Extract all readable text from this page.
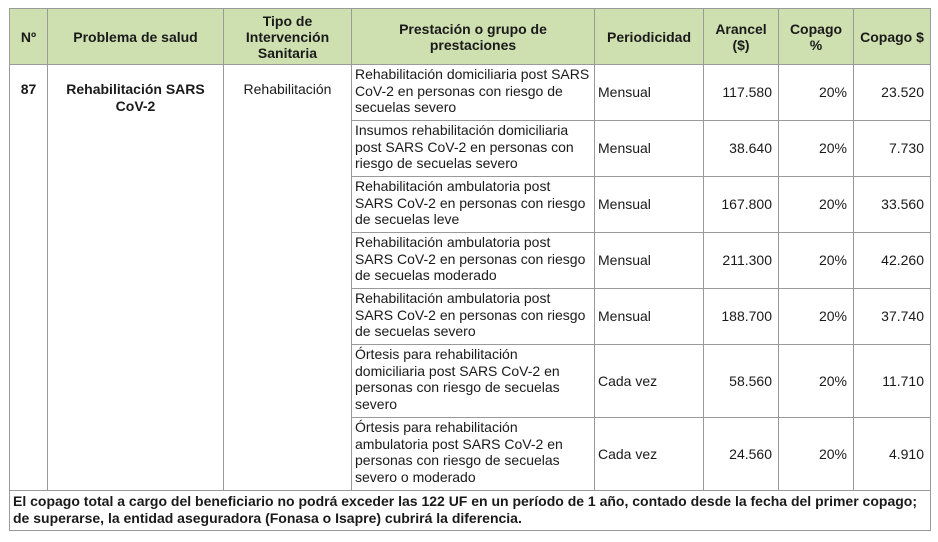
Nº	Problema de salud	Tipo de Intervención Sanitaria	Prestación o grupo de prestaciones	Periodicidad	Arancel ($)	Copago %	Copago $
87	Rehabilitación SARS CoV-2	Rehabilitación	Rehabilitación domiciliaria post SARS CoV-2 en personas con riesgo de secuelas severo	Mensual	117.580	20%	23.520
			Insumos rehabilitación domiciliaria post SARS CoV-2 en personas con riesgo de secuelas severo	Mensual	38.640	20%	7.730
			Rehabilitación ambulatoria post SARS CoV-2 en personas con riesgo de secuelas leve	Mensual	167.800	20%	33.560
			Rehabilitación ambulatoria post SARS CoV-2 en personas con riesgo de secuelas moderado	Mensual	211.300	20%	42.260
			Rehabilitación ambulatoria post SARS CoV-2 en personas con riesgo de secuelas severo	Mensual	188.700	20%	37.740
			Órtesis para rehabilitación domiciliaria post SARS CoV-2 en personas con riesgo de secuelas severo	Cada vez	58.560	20%	11.710
			Órtesis para rehabilitación ambulatoria post SARS CoV-2 en personas con riesgo de secuelas severo o moderado	Cada vez	24.560	20%	4.910
El copago total a cargo del beneficiario no podrá exceder las 122 UF en un período de 1 año, contado desde la fecha del primer copago; de superarse, la entidad aseguradora (Fonasa o Isapre) cubrirá la diferencia.							
